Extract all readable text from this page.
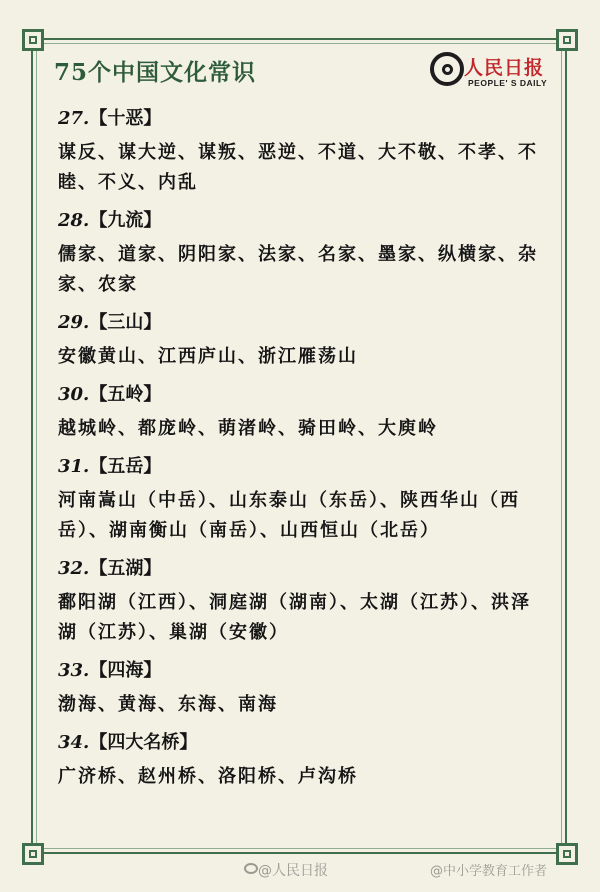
75个中国文化常识	人民日报
PEOPLE' S DAILY
27.【十恶】
谋反、谋大逆、谋叛、恶逆、不道、大不敬、不孝、不睦、不义、内乱
28.【九流】
儒家、道家、阴阳家、法家、名家、墨家、纵横家、杂家、农家
29.【三山】
安徽黄山、江西庐山、浙江雁荡山
30.【五岭】
越城岭、都庞岭、萌渚岭、骑田岭、大庾岭
31.【五岳】
河南嵩山（中岳）、山东泰山（东岳）、陕西华山（西岳）、湖南衡山（南岳）、山西恒山（北岳）
32.【五湖】
鄱阳湖（江西）、洞庭湖（湖南）、太湖（江苏）、洪泽湖（江苏）、巢湖（安徽）
33.【四海】
渤海、黄海、东海、南海
34.【四大名桥】
广济桥、赵州桥、洛阳桥、卢沟桥
@人民日报	@中小学教育工作者
